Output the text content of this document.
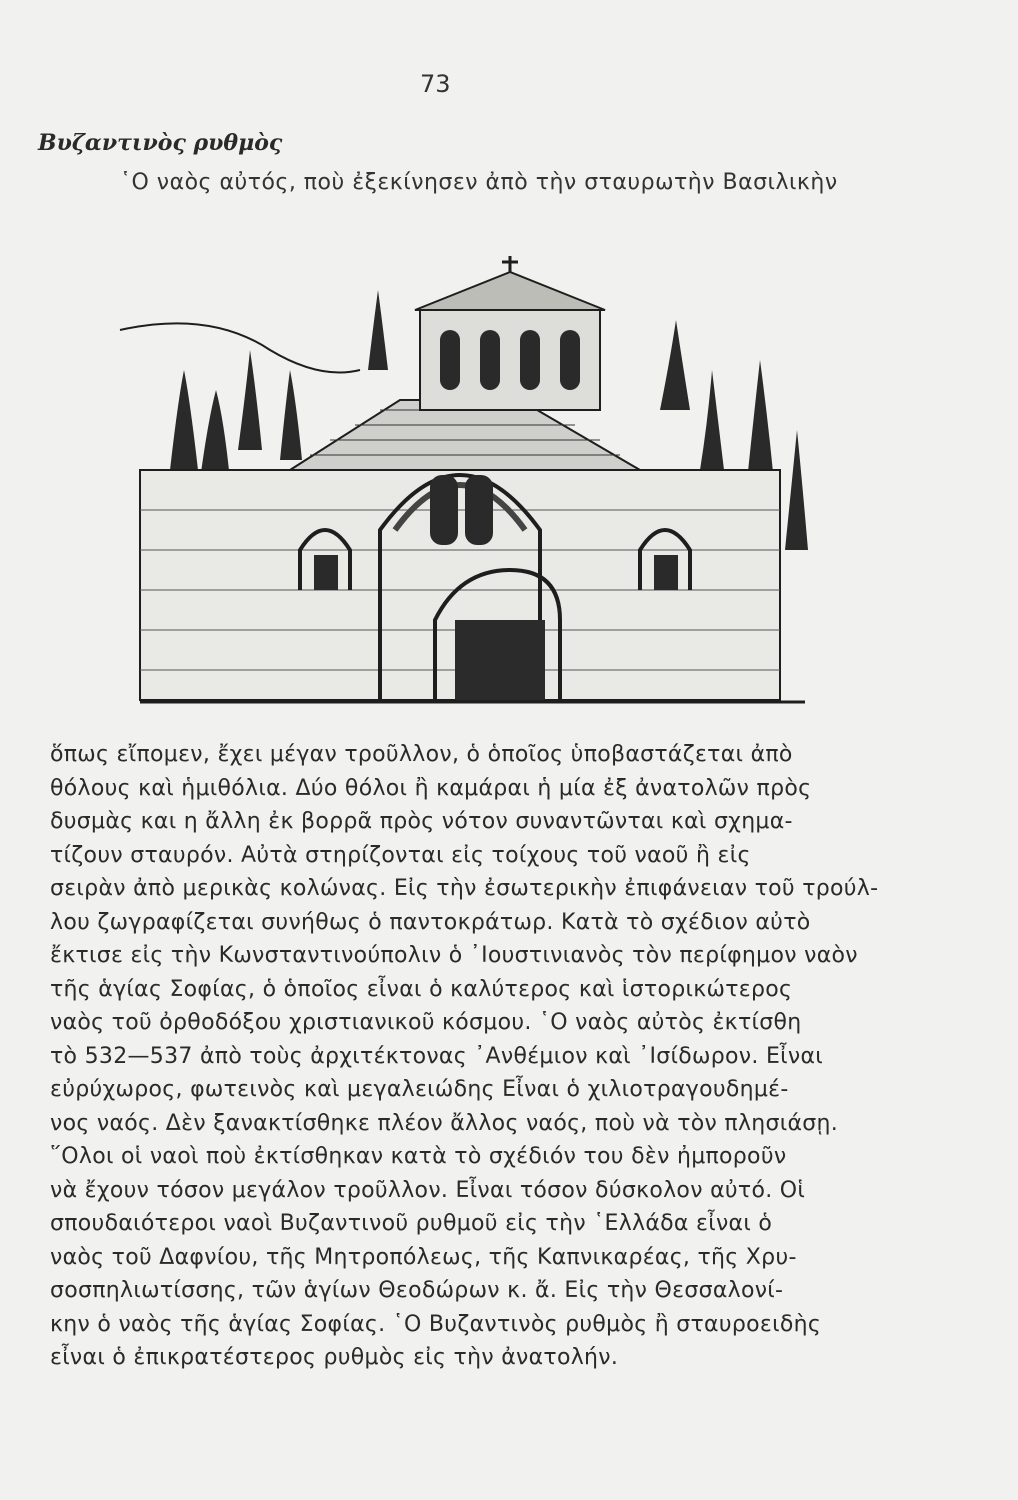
73
Βυζαντινὸς ρυθμὸς
῾Ο ναὸς αὐτός, ποὺ ἐξεκίνησεν ἀπὸ τὴν σταυρωτὴν Βασιλικὴν
ὅπως εἴπομεν, ἔχει μέγαν τροῦλλον, ὁ ὁποῖος ὑποβαστάζεται ἀπὸ
θόλους καὶ ἡμιθόλια. Δύο θόλοι ἢ καμάραι ἡ μία ἐξ ἀνατολῶν πρὸς
δυσμὰς και η ἄλλη ἐκ βορρᾶ πρὸς νότον συναντῶνται καὶ σχημα-
τίζουν σταυρόν. Αὐτὰ στηρίζονται εἰς τοίχους τοῦ ναοῦ ἢ εἰς
σειρὰν ἀπὸ μερικὰς κολώνας. Εἰς τὴν ἐσωτερικὴν ἐπιφάνειαν τοῦ τρούλ-
λου ζωγραφίζεται συνήθως ὁ παντοκράτωρ. Κατὰ τὸ σχέδιον αὐτὸ
ἔκτισε εἰς τὴν Κωνσταντινούπολιν ὁ ᾿Ιουστινιανὸς τὸν περίφημον ναὸν
τῆς ἁγίας Σοφίας, ὁ ὁποῖος εἶναι ὁ καλύτερος καὶ ἱστορικώτερος
ναὸς τοῦ ὀρθοδόξου χριστιανικοῦ κόσμου. ῾Ο ναὸς αὐτὸς ἐκτίσθη
τὸ 532—537 ἀπὸ τοὺς ἀρχιτέκτονας ᾿Ανθέμιον καὶ ᾿Ισίδωρον. Εἶναι
εὐρύχωρος, φωτεινὸς καὶ μεγαλειώδης Εἶναι ὁ χιλιοτραγουδημέ-
νος ναός. Δὲν ξανακτίσθηκε πλέον ἄλλος ναός, ποὺ νὰ τὸν πλησιάσῃ.
῞Ολοι οἱ ναοὶ ποὺ ἐκτίσθηκαν κατὰ τὸ σχέδιόν του δὲν ἠμποροῦν
νὰ ἔχουν τόσον μεγάλον τροῦλλον. Εἶναι τόσον δύσκολον αὐτό. Οἱ
σπουδαιότεροι ναοὶ Βυζαντινοῦ ρυθμοῦ εἰς τὴν ῾Ελλάδα εἶναι ὁ
ναὸς τοῦ Δαφνίου, τῆς Μητροπόλεως, τῆς Καπνικαρέας, τῆς Χρυ-
σοσπηλιωτίσσης, τῶν ἁγίων Θεοδώρων κ. ἄ. Εἰς τὴν Θεσσαλονί-
κην ὁ ναὸς τῆς ἁγίας Σοφίας. ῾Ο Βυζαντινὸς ρυθμὸς ἢ σταυροειδὴς
εἶναι ὁ ἐπικρατέστερος ρυθμὸς εἰς τὴν ἀνατολήν.
